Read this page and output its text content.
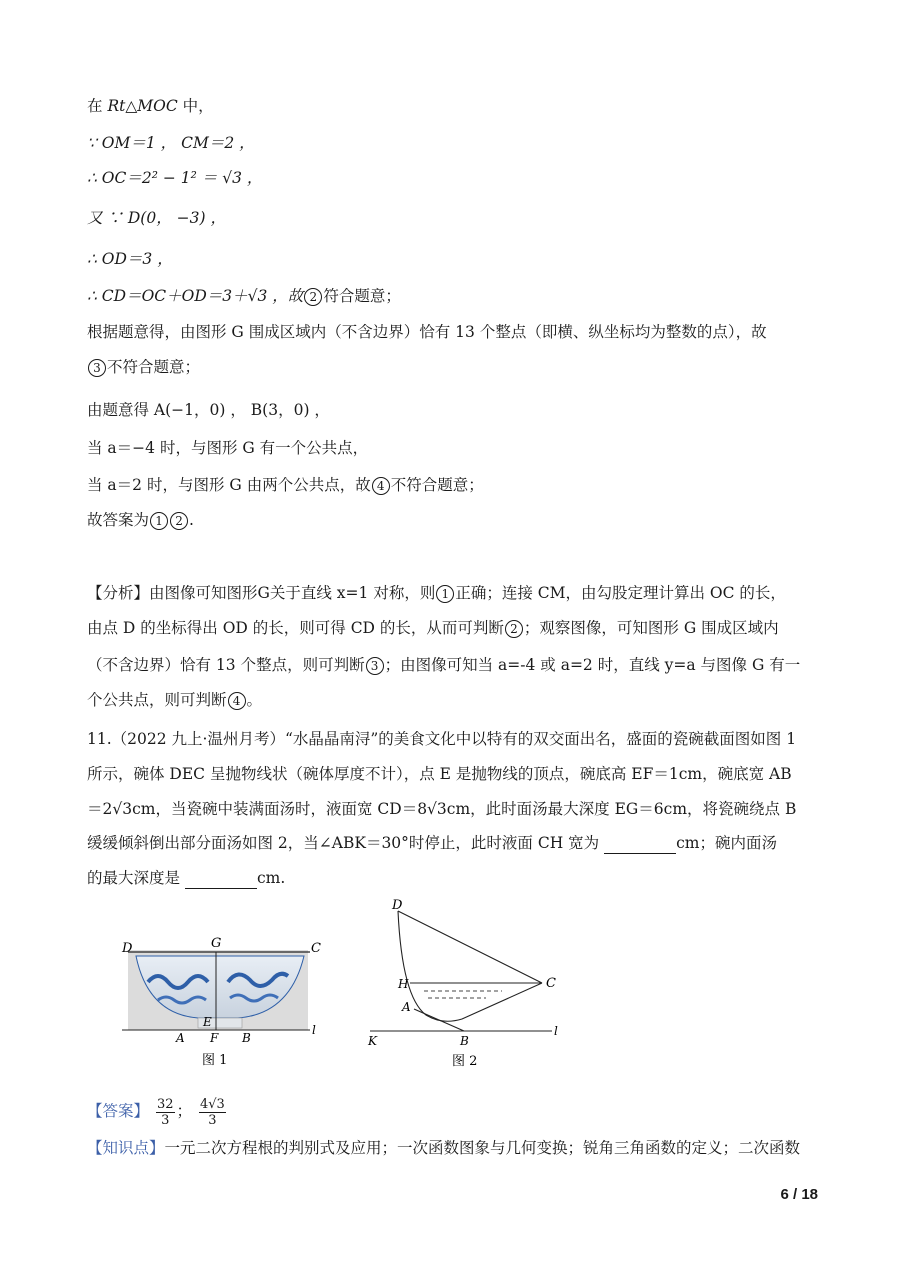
在 Rt△MOC 中，
∵ OM＝1 ， CM＝2 ，
∴ OC＝2² − 1² ＝ √3 ，
又 ∵ D(0， −3) ，
∴ OD＝3 ，
∴ CD＝OC＋OD＝3＋√3 ，故 2 符合题意；
根据题意得，由图形 G 围成区域内（不含边界）恰有 13 个整点（即横、纵坐标均为整数的点），故
3 不符合题意；
由题意得 A(−1，0) ， B(3，0) ，
当 a＝−4 时，与图形 G 有一个公共点，
当 a＝2 时，与图形 G 由两个公共点，故 4 不符合题意；
故答案为 1 2 .
【分析】由图像可知图形G关于直线 x=1 对称，则 1 正确；连接 CM，由勾股定理计算出 OC 的长，
由点 D 的坐标得出 OD 的长，则可得 CD 的长，从而可判断 2 ；观察图像，可知图形 G 围成区域内
（不含边界）恰有 13 个整点，则可判断 3 ；由图像可知当 a=-4 或 a=2 时，直线 y=a 与图像 G 有一
个公共点，则可判断 4 。
11.（2022 九上·温州月考）“水晶晶南浔”的美食文化中以特有的双交面出名，盛面的瓷碗截面图如图 1
所示，碗体 DEC 呈抛物线状（碗体厚度不计），点 E 是抛物线的顶点，碗底高 EF＝1cm，碗底宽 AB
＝2√3cm，当瓷碗中装满面汤时，液面宽 CD＝8√3cm，此时面汤最大深度 EG＝6cm，将瓷碗绕点 B
缓缓倾斜倒出部分面汤如图 2，当∠ABK＝30°时停止，此时液面 CH 宽为	cm；碗内面汤
的最大深度是	cm.
D	G	C
E
A F B
l
图 1
D
H	C
A
K	B
l
图 2
【答案】 $\frac{32}{3}$ ； $\frac{4√3}{3}$
【知识点】一元二次方程根的判别式及应用；一次函数图象与几何变换；锐角三角函数的定义；二次函数
6 / 18
